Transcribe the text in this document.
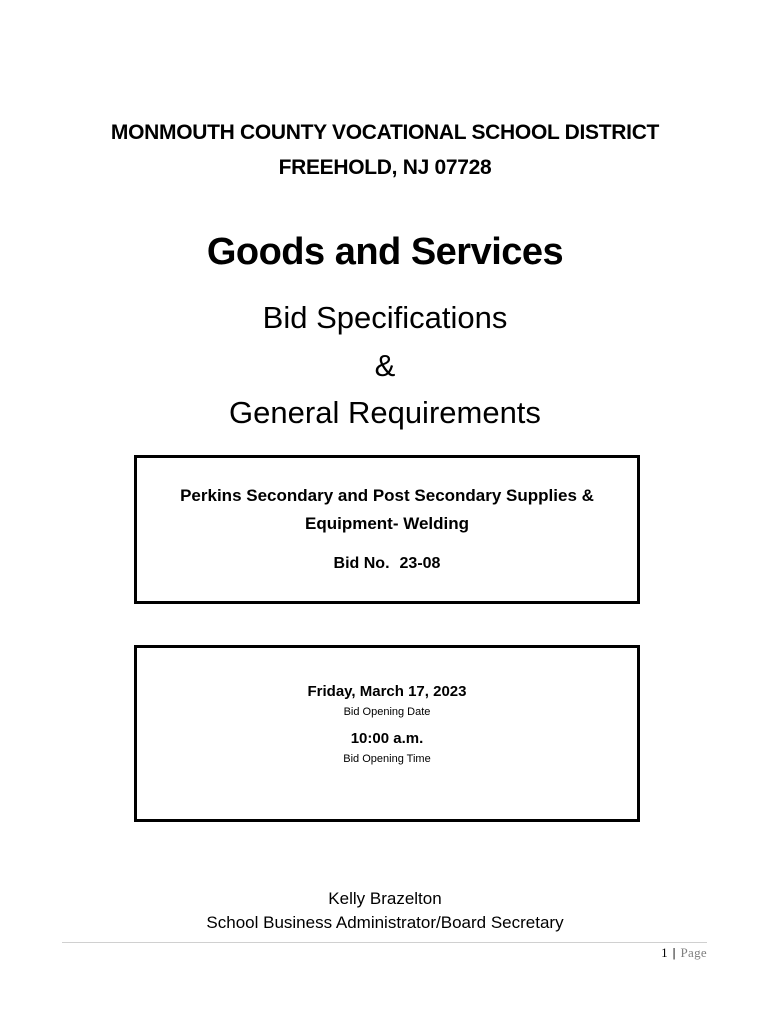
MONMOUTH COUNTY VOCATIONAL SCHOOL DISTRICT
FREEHOLD, NJ 07728
Goods and Services
Bid Specifications
&
General Requirements
Perkins Secondary and Post Secondary Supplies &
Equipment- Welding
Bid No. 23-08
Friday, March 17, 2023
Bid Opening Date
10:00 a.m.
Bid Opening Time
Kelly Brazelton
School Business Administrator/Board Secretary
1 | Page
